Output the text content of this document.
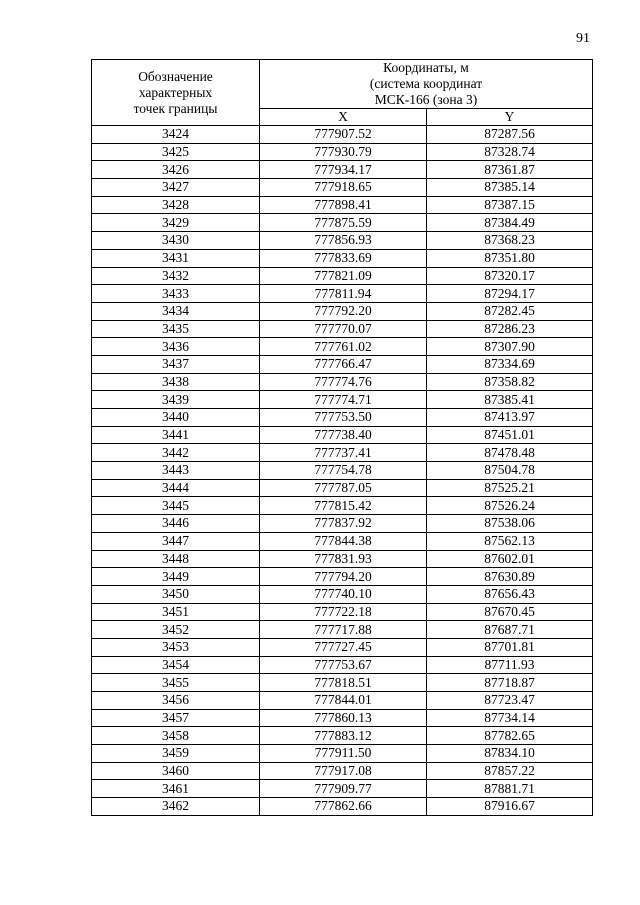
91
Обозначение
характерных
точек границы	Координаты, м
(система координат
МСК-166 (зона 3)	

	X	Y
3424	777907.52	87287.56
3425	777930.79	87328.74
3426	777934.17	87361.87
3427	777918.65	87385.14
3428	777898.41	87387.15
3429	777875.59	87384.49
3430	777856.93	87368.23
3431	777833.69	87351.80
3432	777821.09	87320.17
3433	777811.94	87294.17
3434	777792.20	87282.45
3435	777770.07	87286.23
3436	777761.02	87307.90
3437	777766.47	87334.69
3438	777774.76	87358.82
3439	777774.71	87385.41
3440	777753.50	87413.97
3441	777738.40	87451.01
3442	777737.41	87478.48
3443	777754.78	87504.78
3444	777787.05	87525.21
3445	777815.42	87526.24
3446	777837.92	87538.06
3447	777844.38	87562.13
3448	777831.93	87602.01
3449	777794.20	87630.89
3450	777740.10	87656.43
3451	777722.18	87670.45
3452	777717.88	87687.71
3453	777727.45	87701.81
3454	777753.67	87711.93
3455	777818.51	87718.87
3456	777844.01	87723.47
3457	777860.13	87734.14
3458	777883.12	87782.65
3459	777911.50	87834.10
3460	777917.08	87857.22
3461	777909.77	87881.71
3462	777862.66	87916.67
